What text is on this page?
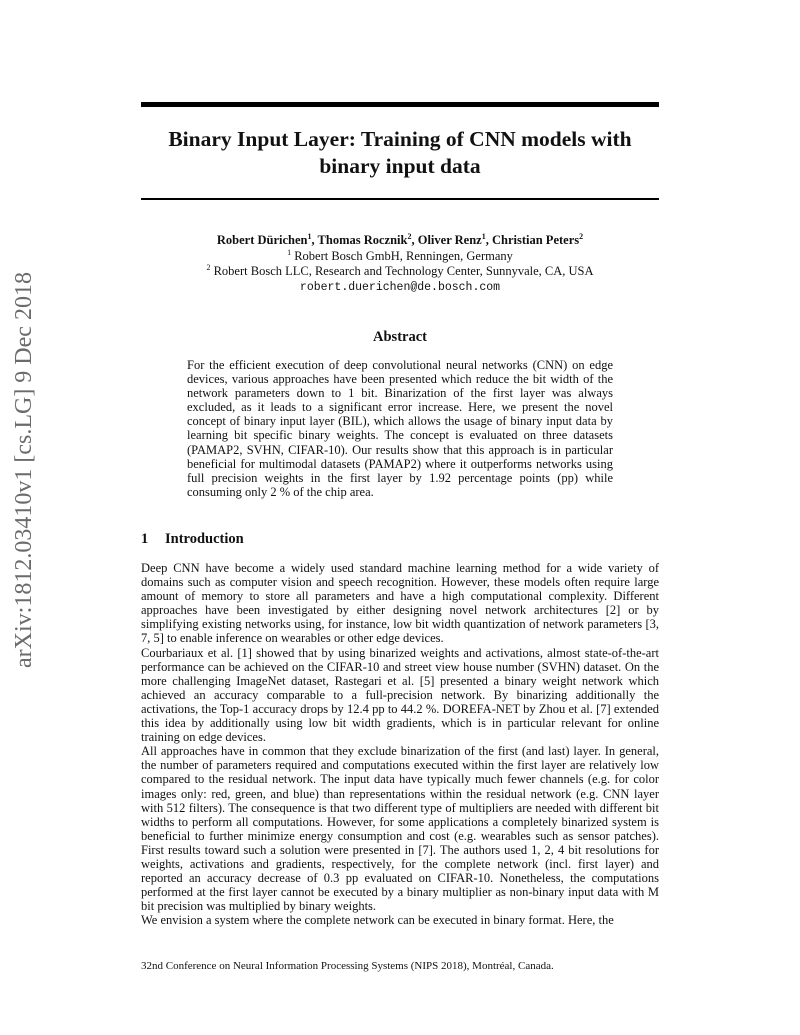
arXiv:1812.03410v1 [cs.LG] 9 Dec 2018
Binary Input Layer: Training of CNN models with
binary input data
Robert Dürichen$^1$, Thomas Rocznik$^2$, Oliver Renz$^1$, Christian Peters$^2$
$^1$ Robert Bosch GmbH, Renningen, Germany
$^2$ Robert Bosch LLC, Research and Technology Center, Sunnyvale, CA, USA
robert.duerichen@de.bosch.com
Abstract

For the efficient execution of deep convolutional neural networks (CNN) on edge devices, various approaches have been presented which reduce the bit width of the network parameters down to 1 bit. Binarization of the first layer was always excluded, as it leads to a significant error increase. Here, we present the novel concept of binary input layer (BIL), which allows the usage of binary input data by learning bit specific binary weights. The concept is evaluated on three datasets (PAMAP2, SVHN, CIFAR-10). Our results show that this approach is in particular beneficial for multimodal datasets (PAMAP2) where it outperforms networks using full precision weights in the first layer by 1.92 percentage points (pp) while consuming only 2 % of the chip area.

1 Introduction

Deep CNN have become a widely used standard machine learning method for a wide variety of domains such as computer vision and speech recognition. However, these models often require large amount of memory to store all parameters and have a high computational complexity. Different approaches have been investigated by either designing novel network architectures [2] or by simplifying existing networks using, for instance, low bit width quantization of network parameters [3, 7, 5] to enable inference on wearables or other edge devices.

Courbariaux et al. [1] showed that by using binarized weights and activations, almost state-of-the-art performance can be achieved on the CIFAR-10 and street view house number (SVHN) dataset. On the more challenging ImageNet dataset, Rastegari et al. [5] presented a binary weight network which achieved an accuracy comparable to a full-precision network. By binarizing additionally the activations, the Top-1 accuracy drops by 12.4 pp to 44.2 %. DOREFA-NET by Zhou et al. [7] extended this idea by additionally using low bit width gradients, which is in particular relevant for online training on edge devices.

All approaches have in common that they exclude binarization of the first (and last) layer. In general, the number of parameters required and computations executed within the first layer are relatively low compared to the residual network. The input data have typically much fewer channels (e.g. for color images only: red, green, and blue) than representations within the residual network (e.g. CNN layer with 512 filters). The consequence is that two different type of multipliers are needed with different bit widths to perform all computations. However, for some applications a completely binarized system is beneficial to further minimize energy consumption and cost (e.g. wearables such as sensor patches). First results toward such a solution were presented in [7]. The authors used 1, 2, 4 bit resolutions for weights, activations and gradients, respectively, for the complete network (incl. first layer) and reported an accuracy decrease of 0.3 pp evaluated on CIFAR-10. Nonetheless, the computations performed at the first layer cannot be executed by a binary multiplier as non-binary input data with M bit precision was multiplied by binary weights.

We envision a system where the complete network can be executed in binary format. Here, the

32nd Conference on Neural Information Processing Systems (NIPS 2018), Montréal, Canada.
